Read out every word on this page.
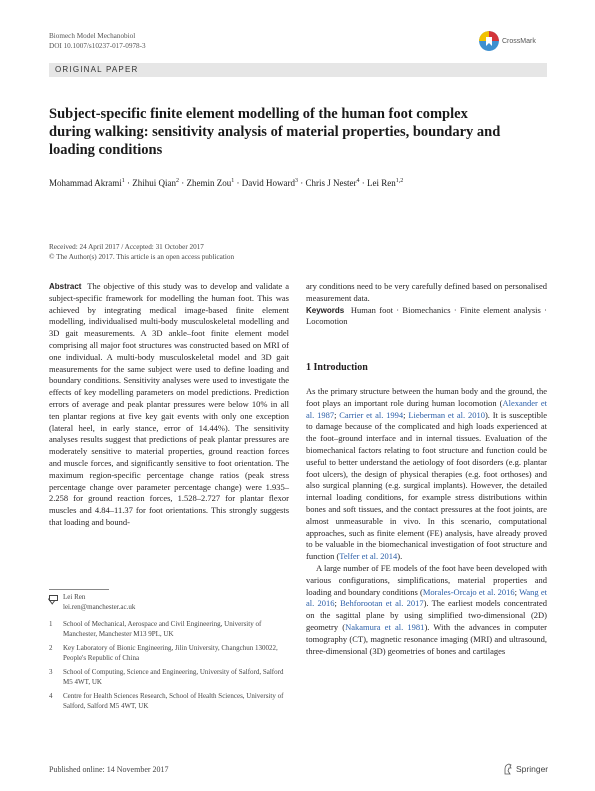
Biomech Model Mechanobiol
DOI 10.1007/s10237-017-0978-3
CrossMark
ORIGINAL PAPER
Subject-specific finite element modelling of the human foot complex during walking: sensitivity analysis of material properties, boundary and loading conditions
Mohammad Akrami$^1$ · Zhihui Qian$^2$ · Zhemin Zou$^1$ · David Howard$^3$ · Chris J Nester$^4$ · Lei Ren$^{1,2}$
Received: 24 April 2017 / Accepted: 31 October 2017
© The Author(s) 2017. This article is an open access publication

Abstract The objective of this study was to develop and validate a subject-specific framework for modelling the human foot. This was achieved by integrating medical image-based finite element modelling, individualised multi-body musculoskeletal modelling and 3D gait measurements. A 3D ankle–foot finite element model comprising all major foot structures was constructed based on MRI of one individual. A multi-body musculoskeletal model and 3D gait measurements for the same subject were used to define loading and boundary conditions. Sensitivity analyses were used to investigate the effects of key modelling parameters on model predictions. Prediction errors of average and peak plantar pressures were below 10% in all ten plantar regions at five key gait events with only one exception (lateral heel, in early stance, error of 14.44%). The sensitivity analyses results suggest that predictions of peak plantar pressures are moderately sensitive to material properties, ground reaction forces and muscle forces, and significantly sensitive to foot orientation. The maximum region-specific percentage change ratios (peak stress percentage change over parameter percentage change) were 1.935–2.258 for ground reaction forces, 1.528–2.727 for plantar flexor muscles and 4.84–11.37 for foot orientations. This strongly suggests that loading and bound-

ary conditions need to be very carefully defined based on personalised measurement data.

Keywords Human foot · Biomechanics · Finite element analysis · Locomotion

1 Introduction

As the primary structure between the human body and the ground, the foot plays an important role during human locomotion (Alexander et al. 1987; Carrier et al. 1994; Lieberman et al. 2010). It is susceptible to damage because of the complicated and high loads experienced at the foot–ground interface and in internal tissues. Evaluation of the biomechanical factors relating to foot structure and function could be useful to better understand the aetiology of foot disorders (e.g. plantar foot ulcers), the design of physical therapies (e.g. foot orthoses) and also surgical planning (e.g. surgical implants). However, the detailed internal loading conditions, for example stress distributions within bones and soft tissues, and the contact pressures at the foot joints, are almost unmeasurable in vivo. In this scenario, computational approaches, such as finite element (FE) analysis, have already proved to be valuable in the biomechanical investigation of foot structure and function (Telfer et al. 2014).

A large number of FE models of the foot have been developed with various configurations, simplifications, material properties and loading and boundary conditions (Morales-Orcajo et al. 2016; Wang et al. 2016; Behforootan et al. 2017). The earliest models concentrated on the sagittal plane by using simplified two-dimensional (2D) geometry (Nakamura et al. 1981). With the advances in computer tomography (CT), magnetic resonance imaging (MRI) and ultrasound, three-dimensional (3D) geometries of bones and cartilages

Lei Ren
lei.ren@manchester.ac.uk
1	School of Mechanical, Aerospace and Civil Engineering, University of Manchester, Manchester M13 9PL, UK
2	Key Laboratory of Bionic Engineering, Jilin University, Changchun 130022, People's Republic of China
3	School of Computing, Science and Engineering, University of Salford, Salford M5 4WT, UK
4	Centre for Health Sciences Research, School of Health Sciences, University of Salford, Salford M5 4WT, UK
Published online: 14 November 2017	Springer
